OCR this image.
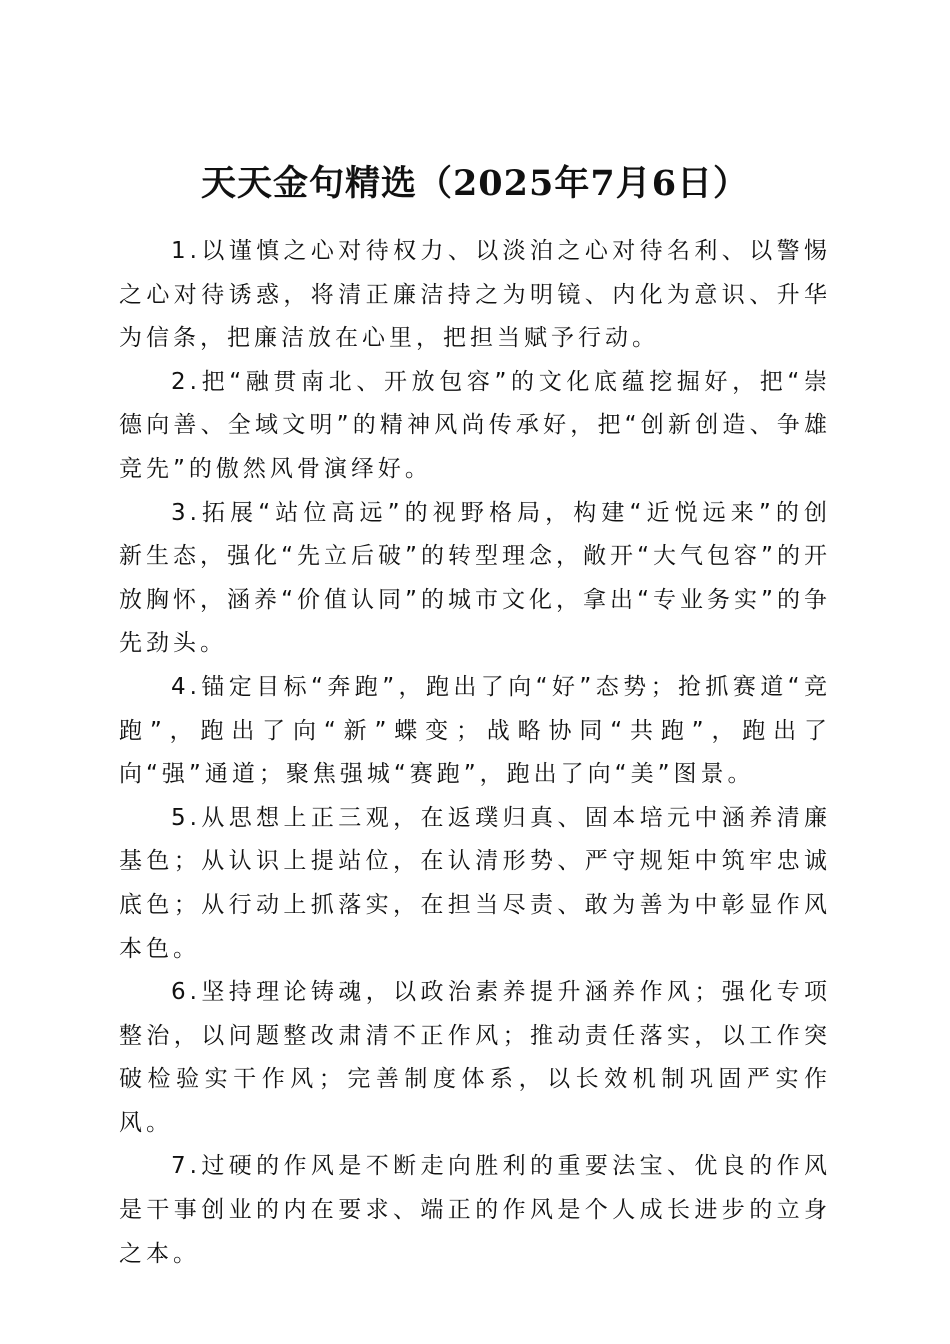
天天金句精选（2025年7月6日）

1.以谨慎之心对待权力、以淡泊之心对待名利、以警惕之心对待诱惑，将清正廉洁持之为明镜、内化为意识、升华为信条，把廉洁放在心里，把担当赋予行动。

2.把“融贯南北、开放包容”的文化底蕴挖掘好，把“崇德向善、全域文明”的精神风尚传承好，把“创新创造、争雄竞先”的傲然风骨演绎好。

3.拓展“站位高远”的视野格局，构建“近悦远来”的创新生态，强化“先立后破”的转型理念，敞开“大气包容”的开放胸怀，涵养“价值认同”的城市文化，拿出“专业务实”的争先劲头。

4.锚定目标“奔跑”，跑出了向“好”态势；抢抓赛道“竞跑”，跑出了向“新”蝶变；战略协同“共跑”，跑出了向“强”通道；聚焦强城“赛跑”，跑出了向“美”图景。

5.从思想上正三观，在返璞归真、固本培元中涵养清廉基色；从认识上提站位，在认清形势、严守规矩中筑牢忠诚底色；从行动上抓落实，在担当尽责、敢为善为中彰显作风本色。

6.坚持理论铸魂，以政治素养提升涵养作风；强化专项整治，以问题整改肃清不正作风；推动责任落实，以工作突破检验实干作风；完善制度体系，以长效机制巩固严实作风。

7.过硬的作风是不断走向胜利的重要法宝、优良的作风是干事创业的内在要求、端正的作风是个人成长进步的立身之本。
